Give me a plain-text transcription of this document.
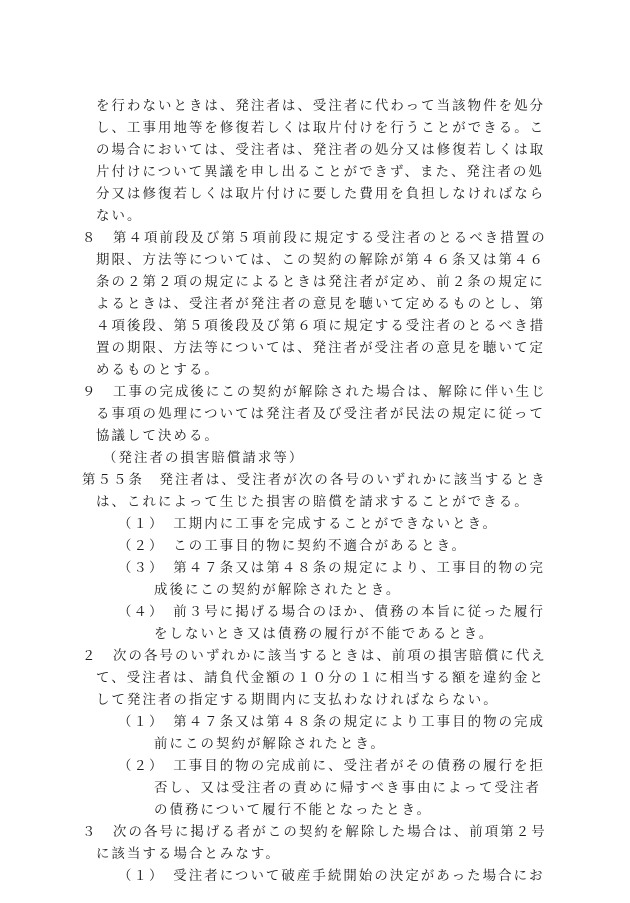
を行わないときは、発注者は、受注者に代わって当該物件を処分
し、工事用地等を修復若しくは取片付けを行うことができる。こ
の場合においては、受注者は、発注者の処分又は修復若しくは取
片付けについて異議を申し出ることができず、また、発注者の処
分又は修復若しくは取片付けに要した費用を負担しなければなら
ない。
８　第４項前段及び第５項前段に規定する受注者のとるべき措置の
期限、方法等については、この契約の解除が第４６条又は第４６
条の２第２項の規定によるときは発注者が定め、前２条の規定に
よるときは、受注者が発注者の意見を聴いて定めるものとし、第
４項後段、第５項後段及び第６項に規定する受注者のとるべき措
置の期限、方法等については、発注者が受注者の意見を聴いて定
めるものとする。
９　工事の完成後にこの契約が解除された場合は、解除に伴い生じ
る事項の処理については発注者及び受注者が民法の規定に従って
協議して決める。
（発注者の損害賠償請求等）
第５５条　発注者は、受注者が次の各号のいずれかに該当するとき
は、これによって生じた損害の賠償を請求することができる。
（１）　工期内に工事を完成することができないとき。
（２）　この工事目的物に契約不適合があるとき。
（３）　第４７条又は第４８条の規定により、工事目的物の完
成後にこの契約が解除されたとき。
（４）　前３号に掲げる場合のほか、債務の本旨に従った履行
をしないとき又は債務の履行が不能であるとき。
２　次の各号のいずれかに該当するときは、前項の損害賠償に代え
て、受注者は、請負代金額の１０分の１に相当する額を違約金と
して発注者の指定する期間内に支払わなければならない。
（１）　第４７条又は第４８条の規定により工事目的物の完成
前にこの契約が解除されたとき。
（２）　工事目的物の完成前に、受注者がその債務の履行を拒
否し、又は受注者の責めに帰すべき事由によって受注者
の債務について履行不能となったとき。
３　次の各号に掲げる者がこの契約を解除した場合は、前項第２号
に該当する場合とみなす。
（１）　受注者について破産手続開始の決定があった場合にお
